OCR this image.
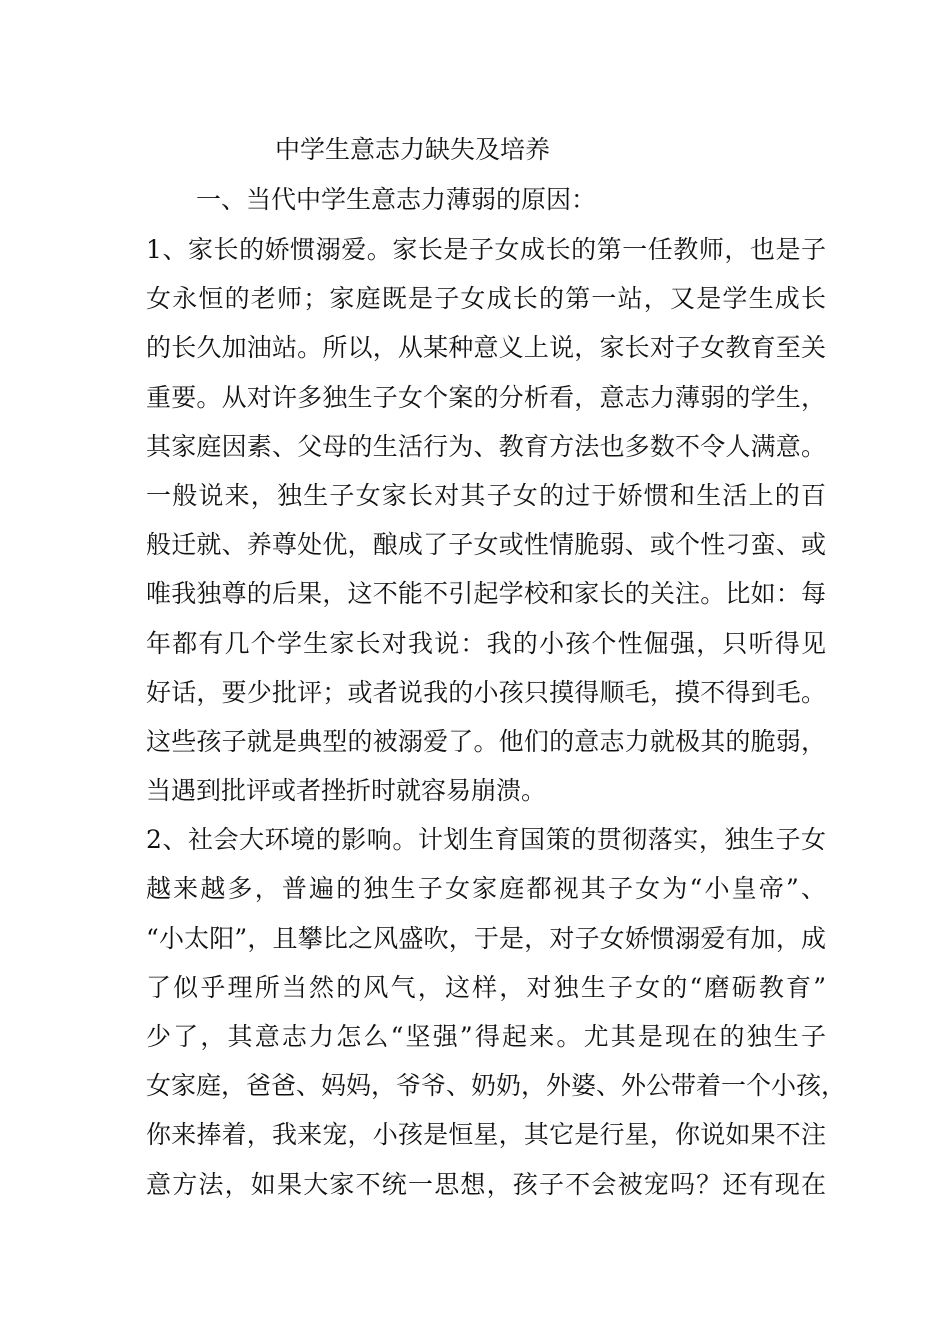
中学生意志力缺失及培养
一、当代中学生意志力薄弱的原因：
1、家长的娇惯溺爱。家长是子女成长的第一任教师，也是子
女永恒的老师；家庭既是子女成长的第一站，又是学生成长
的长久加油站。所以，从某种意义上说，家长对子女教育至关
重要。从对许多独生子女个案的分析看，意志力薄弱的学生，
其家庭因素、父母的生活行为、教育方法也多数不令人满意。
一般说来，独生子女家长对其子女的过于娇惯和生活上的百
般迁就、养尊处优，酿成了子女或性情脆弱、或个性刁蛮、或
唯我独尊的后果，这不能不引起学校和家长的关注。比如：每
年都有几个学生家长对我说：我的小孩个性倔强，只听得见
好话，要少批评；或者说我的小孩只摸得顺毛，摸不得到毛。
这些孩子就是典型的被溺爱了。他们的意志力就极其的脆弱，
当遇到批评或者挫折时就容易崩溃。
2、社会大环境的影响。计划生育国策的贯彻落实，独生子女
越来越多，普遍的独生子女家庭都视其子女为“小皇帝”、
“小太阳”，且攀比之风盛吹，于是，对子女娇惯溺爱有加，成
了似乎理所当然的风气，这样，对独生子女的“磨砺教育”
少了，其意志力怎么“坚强”得起来。尤其是现在的独生子
女家庭，爸爸、妈妈，爷爷、奶奶，外婆、外公带着一个小孩，
你来捧着，我来宠，小孩是恒星，其它是行星，你说如果不注
意方法，如果大家不统一思想，孩子不会被宠吗？还有现在
